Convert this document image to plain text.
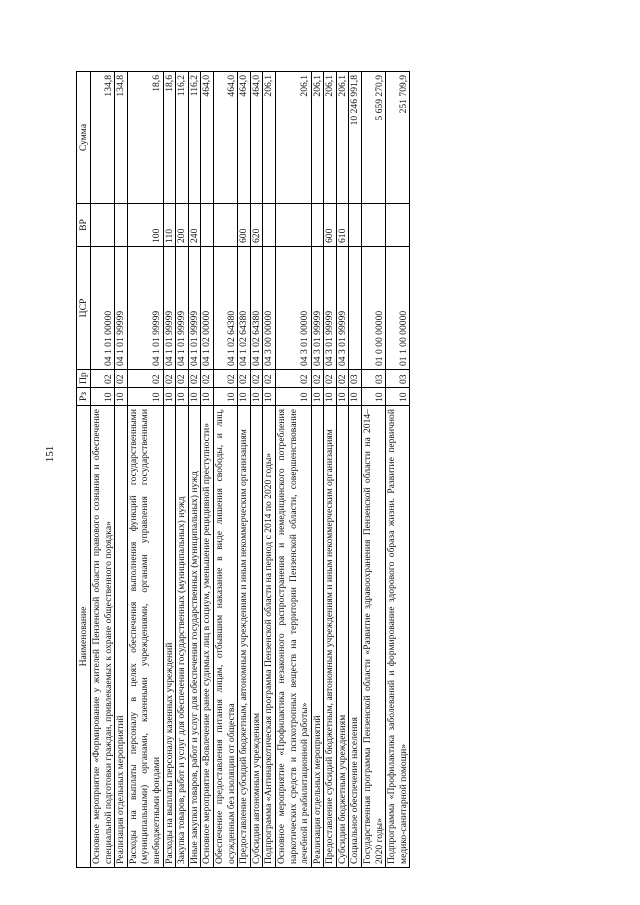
151
Наименование	Рз	Пр	ЦСР	ВР	Сумма
Основное мероприятие «Формирование у жителей Пензенской области правового сознания и обеспечение специальной подготовки граждан, привлекаемых к охране общественного порядка»	10	02	04 1 01 00000		134,8
Реализация отдельных мероприятий	10	02	04 1 01 99999		134,8
Расходы на выплаты персоналу в целях обеспечения выполнения функций государственными (муниципальными) органами, казенными учреждениями, органами управления государственными внебюджетными фондами	10	02	04 1 01 99999	100	18,6
Расходы на выплаты персоналу казенных учреждений	10	02	04 1 01 99999	110	18,6
Закупка товаров, работ и услуг для обеспечения государственных (муниципальных) нужд	10	02	04 1 01 99999	200	116,2
Иные закупки товаров, работ и услуг для обеспечения государственных (муниципальных) нужд	10	02	04 1 01 99999	240	116,2
Основное мероприятие «Вовлечение ранее судимых лиц в социум, уменьшение рецидивной преступности»	10	02	04 1 02 00000		464,0
Обеспечение предоставления питания лицам, отбывшим наказание в виде лишения свободы, и лиц, осужденным без изоляции от общества	10	02	04 1 02 64380		464,0
Предоставление субсидий бюджетным, автономным учреждениям и иным некоммерческим организациям	10	02	04 1 02 64380	600	464,0
Субсидии автономным учреждениям	10	02	04 1 02 64380	620	464,0
Подпрограмма «Антинаркотическая программа Пензенской области на период с 2014 по 2020 годы»	10	02	04 3 00 00000		206,1
Основное мероприятие «Профилактика незаконного распространения и немедицинского потребления наркотических средств и психотропных веществ на территории Пензенской области, совершенствование лечебной и реабилитационной работы»	10	02	04 3 01 00000		206,1
Реализация отдельных мероприятий	10	02	04 3 01 99999		206,1
Предоставление субсидий бюджетным, автономным учреждениям и иным некоммерческим организациям	10	02	04 3 01 99999	600	206,1
Субсидии бюджетным учреждениям	10	02	04 3 01 99999	610	206,1
Социальное обеспечение населения	10	03			10 246 991,8
Государственная программа Пензенской области «Развитие здравоохранения Пензенской области на 2014–2020 годы»	10	03	01 0 00 00000		5 659 270,9
Подпрограмма «Профилактика заболеваний и формирование здорового образа жизни. Развитие первичной медико-санитарной помощи»	10	03	01 1 00 00000		251 709,9
